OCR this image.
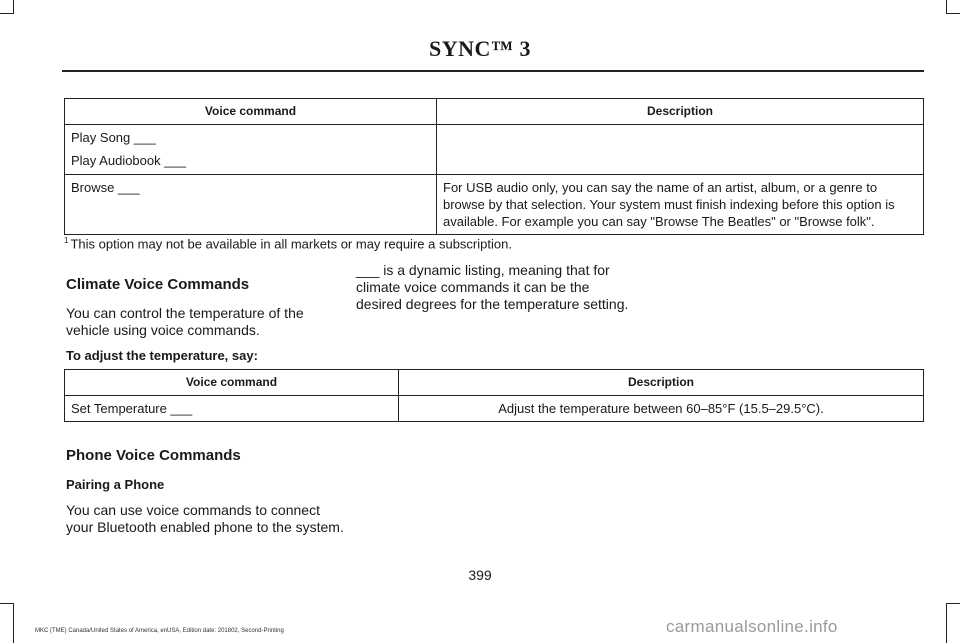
SYNC™ 3
Voice command	Description

Play Song ___
Play Audiobook ___	

Browse ___	For USB audio only, you can say the name of an artist, album, or a genre to browse by that selection. Your system must finish indexing before this option is available. For example you can say "Browse The Beatles" or "Browse folk".
$^1$ This option may not be available in all markets or may require a subscription.
Climate Voice Commands
You can control the temperature of the
vehicle using voice commands.
___ is a dynamic listing, meaning that for
climate voice commands it can be the
desired degrees for the temperature setting.
To adjust the temperature, say:
Voice command	Description
Set Temperature ___	Adjust the temperature between 60–85°F (15.5–29.5°C).
Phone Voice Commands
Pairing a Phone
You can use voice commands to connect
your Bluetooth enabled phone to the system.
399
MKC (TME) Canada/United States of America, enUSA, Edition date: 201802, Second-Printing	carmanualsonline.info
